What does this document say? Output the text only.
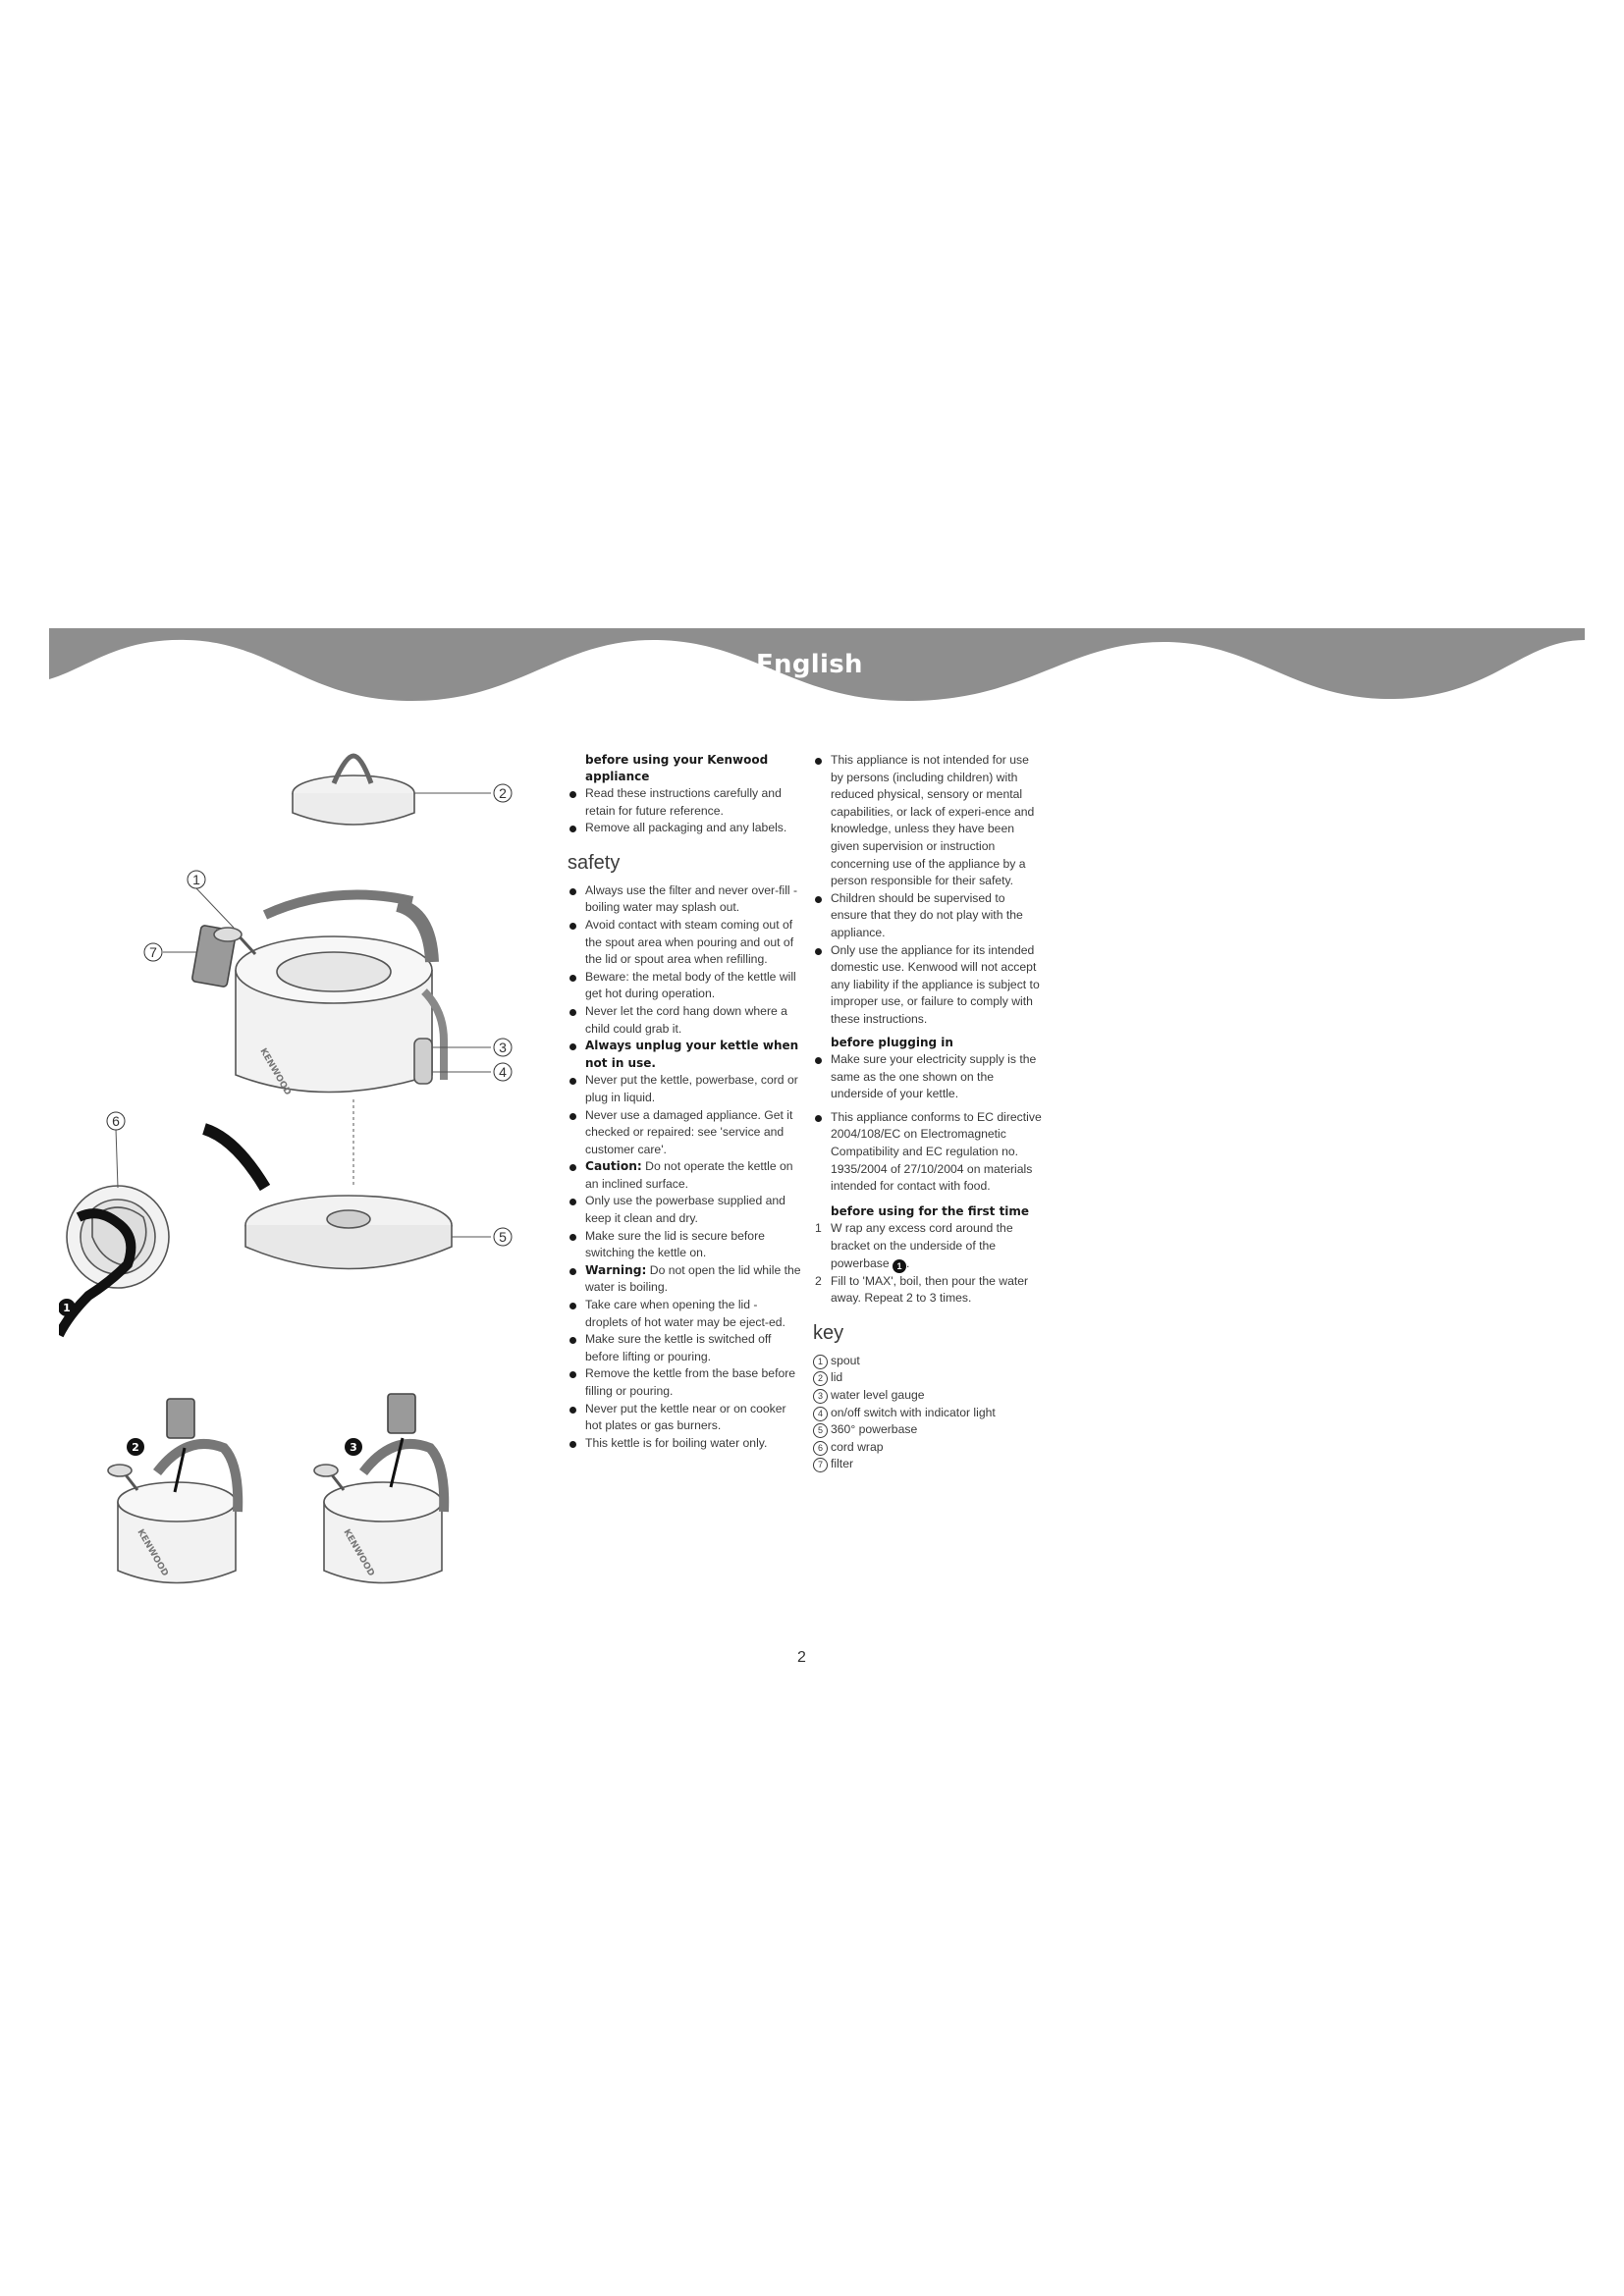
English
2
1
7
3
4
6
5
1
2	3
KENWOOD
KENWOOD	KENWOOD

before using your Kenwood appliance

Read these instructions carefully and retain for future reference.
Remove all packaging and any labels.
safety
Always use the filter and never over-fill - boiling water may splash out.
Avoid contact with steam coming out of the spout area when pouring and out of the lid or spout area when refilling.
Beware: the metal body of the kettle will get hot during operation.
Never let the cord hang down where a child could grab it.
Always unplug your kettle when not in use.
Never put the kettle, powerbase, cord or plug in liquid.
Never use a damaged appliance. Get it checked or repaired: see 'service and customer care'.
Caution: Do not operate the kettle on an inclined surface.
Only use the powerbase supplied and keep it clean and dry.
Make sure the lid is secure before switching the kettle on.
Warning: Do not open the lid while the water is boiling.
Take care when opening the lid - droplets of hot water may be eject-ed.
Make sure the kettle is switched off before lifting or pouring.
Remove the kettle from the base before filling or pouring.
Never put the kettle near or on cooker hot plates or gas burners.
This kettle is for boiling water only.
This appliance is not intended for use by persons (including children) with reduced physical, sensory or mental capabilities, or lack of experi-ence and knowledge, unless they have been given supervision or instruction concerning use of the appliance by a person responsible for their safety.
Children should be supervised to ensure that they do not play with the appliance.
Only use the appliance for its intended domestic use. Kenwood will not accept any liability if the appliance is subject to improper use, or failure to comply with these instructions.

before plugging in

Make sure your electricity supply is the same as the one shown on the underside of your kettle.
This appliance conforms to EC directive 2004/108/EC on Electromagnetic Compatibility and EC regulation no. 1935/2004 of 27/10/2004 on materials intended for contact with food.

before using for the first time

1 W rap any excess cord around the bracket on the underside of the powerbase 1 .
2 Fill to 'MAX', boil, then pour the water away. Repeat 2 to 3 times.
key
1 spout
2 lid
3 water level gauge
4 on/off switch with indicator light
5 360° powerbase
6 cord wrap
7 filter
2
